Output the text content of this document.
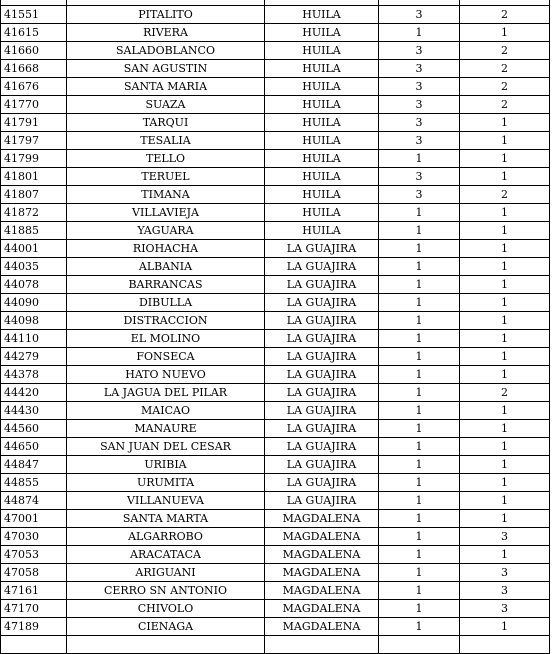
41551	PITALITO	HUILA	3	2
41615	RIVERA	HUILA	1	1
41660	SALADOBLANCO	HUILA	3	2
41668	SAN AGUSTIN	HUILA	3	2
41676	SANTA MARIA	HUILA	3	2
41770	SUAZA	HUILA	3	2
41791	TARQUI	HUILA	3	1
41797	TESALIA	HUILA	3	1
41799	TELLO	HUILA	1	1
41801	TERUEL	HUILA	3	1
41807	TIMANA	HUILA	3	2
41872	VILLAVIEJA	HUILA	1	1
41885	YAGUARA	HUILA	1	1
44001	RIOHACHA	LA GUAJIRA	1	1
44035	ALBANIA	LA GUAJIRA	1	1
44078	BARRANCAS	LA GUAJIRA	1	1
44090	DIBULLA	LA GUAJIRA	1	1
44098	DISTRACCION	LA GUAJIRA	1	1
44110	EL MOLINO	LA GUAJIRA	1	1
44279	FONSECA	LA GUAJIRA	1	1
44378	HATO NUEVO	LA GUAJIRA	1	1
44420	LA JAGUA DEL PILAR	LA GUAJIRA	1	2
44430	MAICAO	LA GUAJIRA	1	1
44560	MANAURE	LA GUAJIRA	1	1
44650	SAN JUAN DEL CESAR	LA GUAJIRA	1	1
44847	URIBIA	LA GUAJIRA	1	1
44855	URUMITA	LA GUAJIRA	1	1
44874	VILLANUEVA	LA GUAJIRA	1	1
47001	SANTA MARTA	MAGDALENA	1	1
47030	ALGARROBO	MAGDALENA	1	3
47053	ARACATACA	MAGDALENA	1	1
47058	ARIGUANI	MAGDALENA	1	3
47161	CERRO SN ANTONIO	MAGDALENA	1	3
47170	CHIVOLO	MAGDALENA	1	3
47189	CIENAGA	MAGDALENA	1	1
